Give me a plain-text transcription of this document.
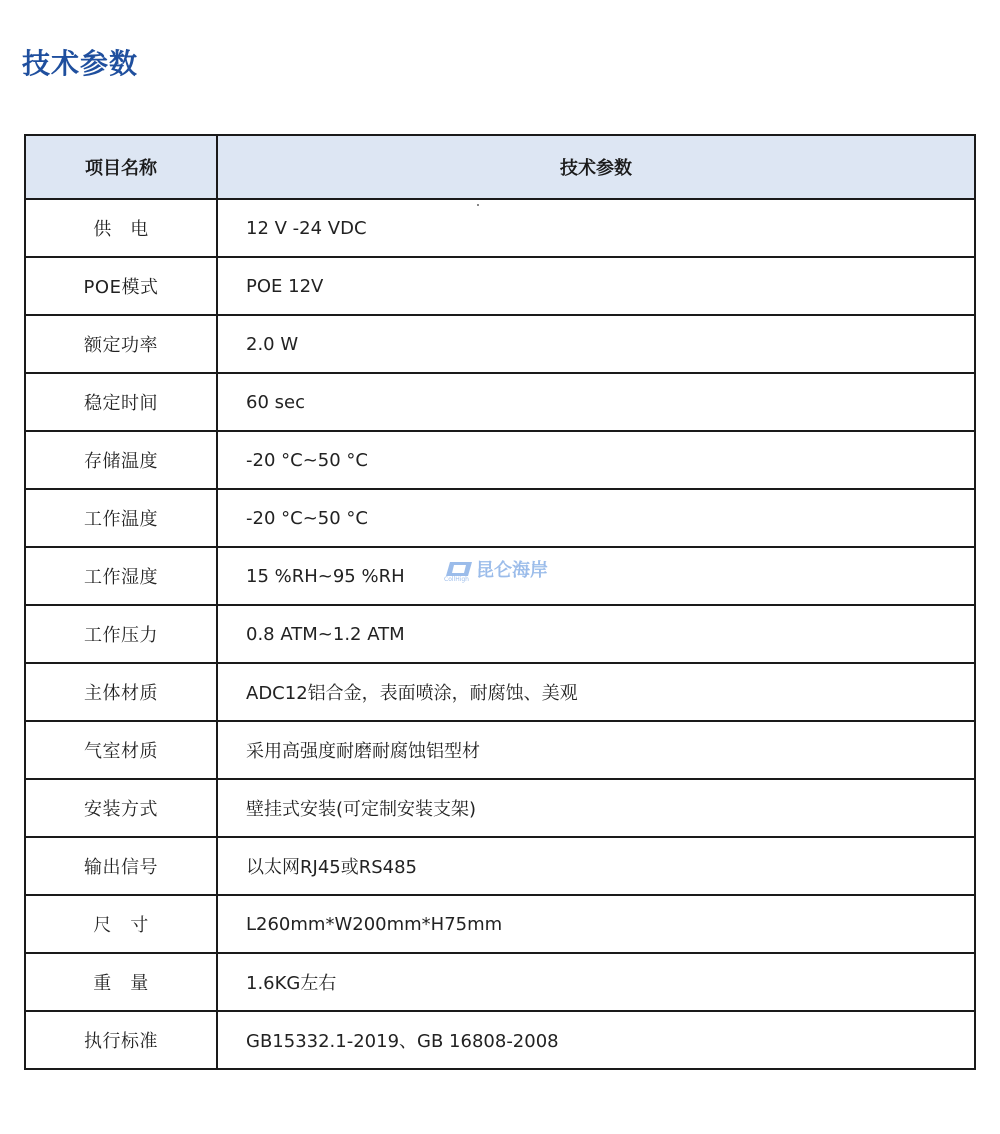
技术参数
项目名称	技术参数
供　电	12 V -24 VDC
POE模式	POE 12V
额定功率	2.0 W
稳定时间	60 sec
存储温度	-20 °C~50 °C
工作温度	-20 °C~50 °C
工作湿度	15 %RH~95 %RH
工作压力	0.8 ATM~1.2 ATM
主体材质	ADC12铝合金，表面喷涂，耐腐蚀、美观
气室材质	采用高强度耐磨耐腐蚀铝型材
安装方式	壁挂式安装(可定制安装支架)
输出信号	以太网RJ45或RS485
尺　寸	L260mm*W200mm*H75mm
重　量	1.6KG左右
执行标准	GB15332.1-2019、GB 16808-2008
昆仑海岸
CollHigh
